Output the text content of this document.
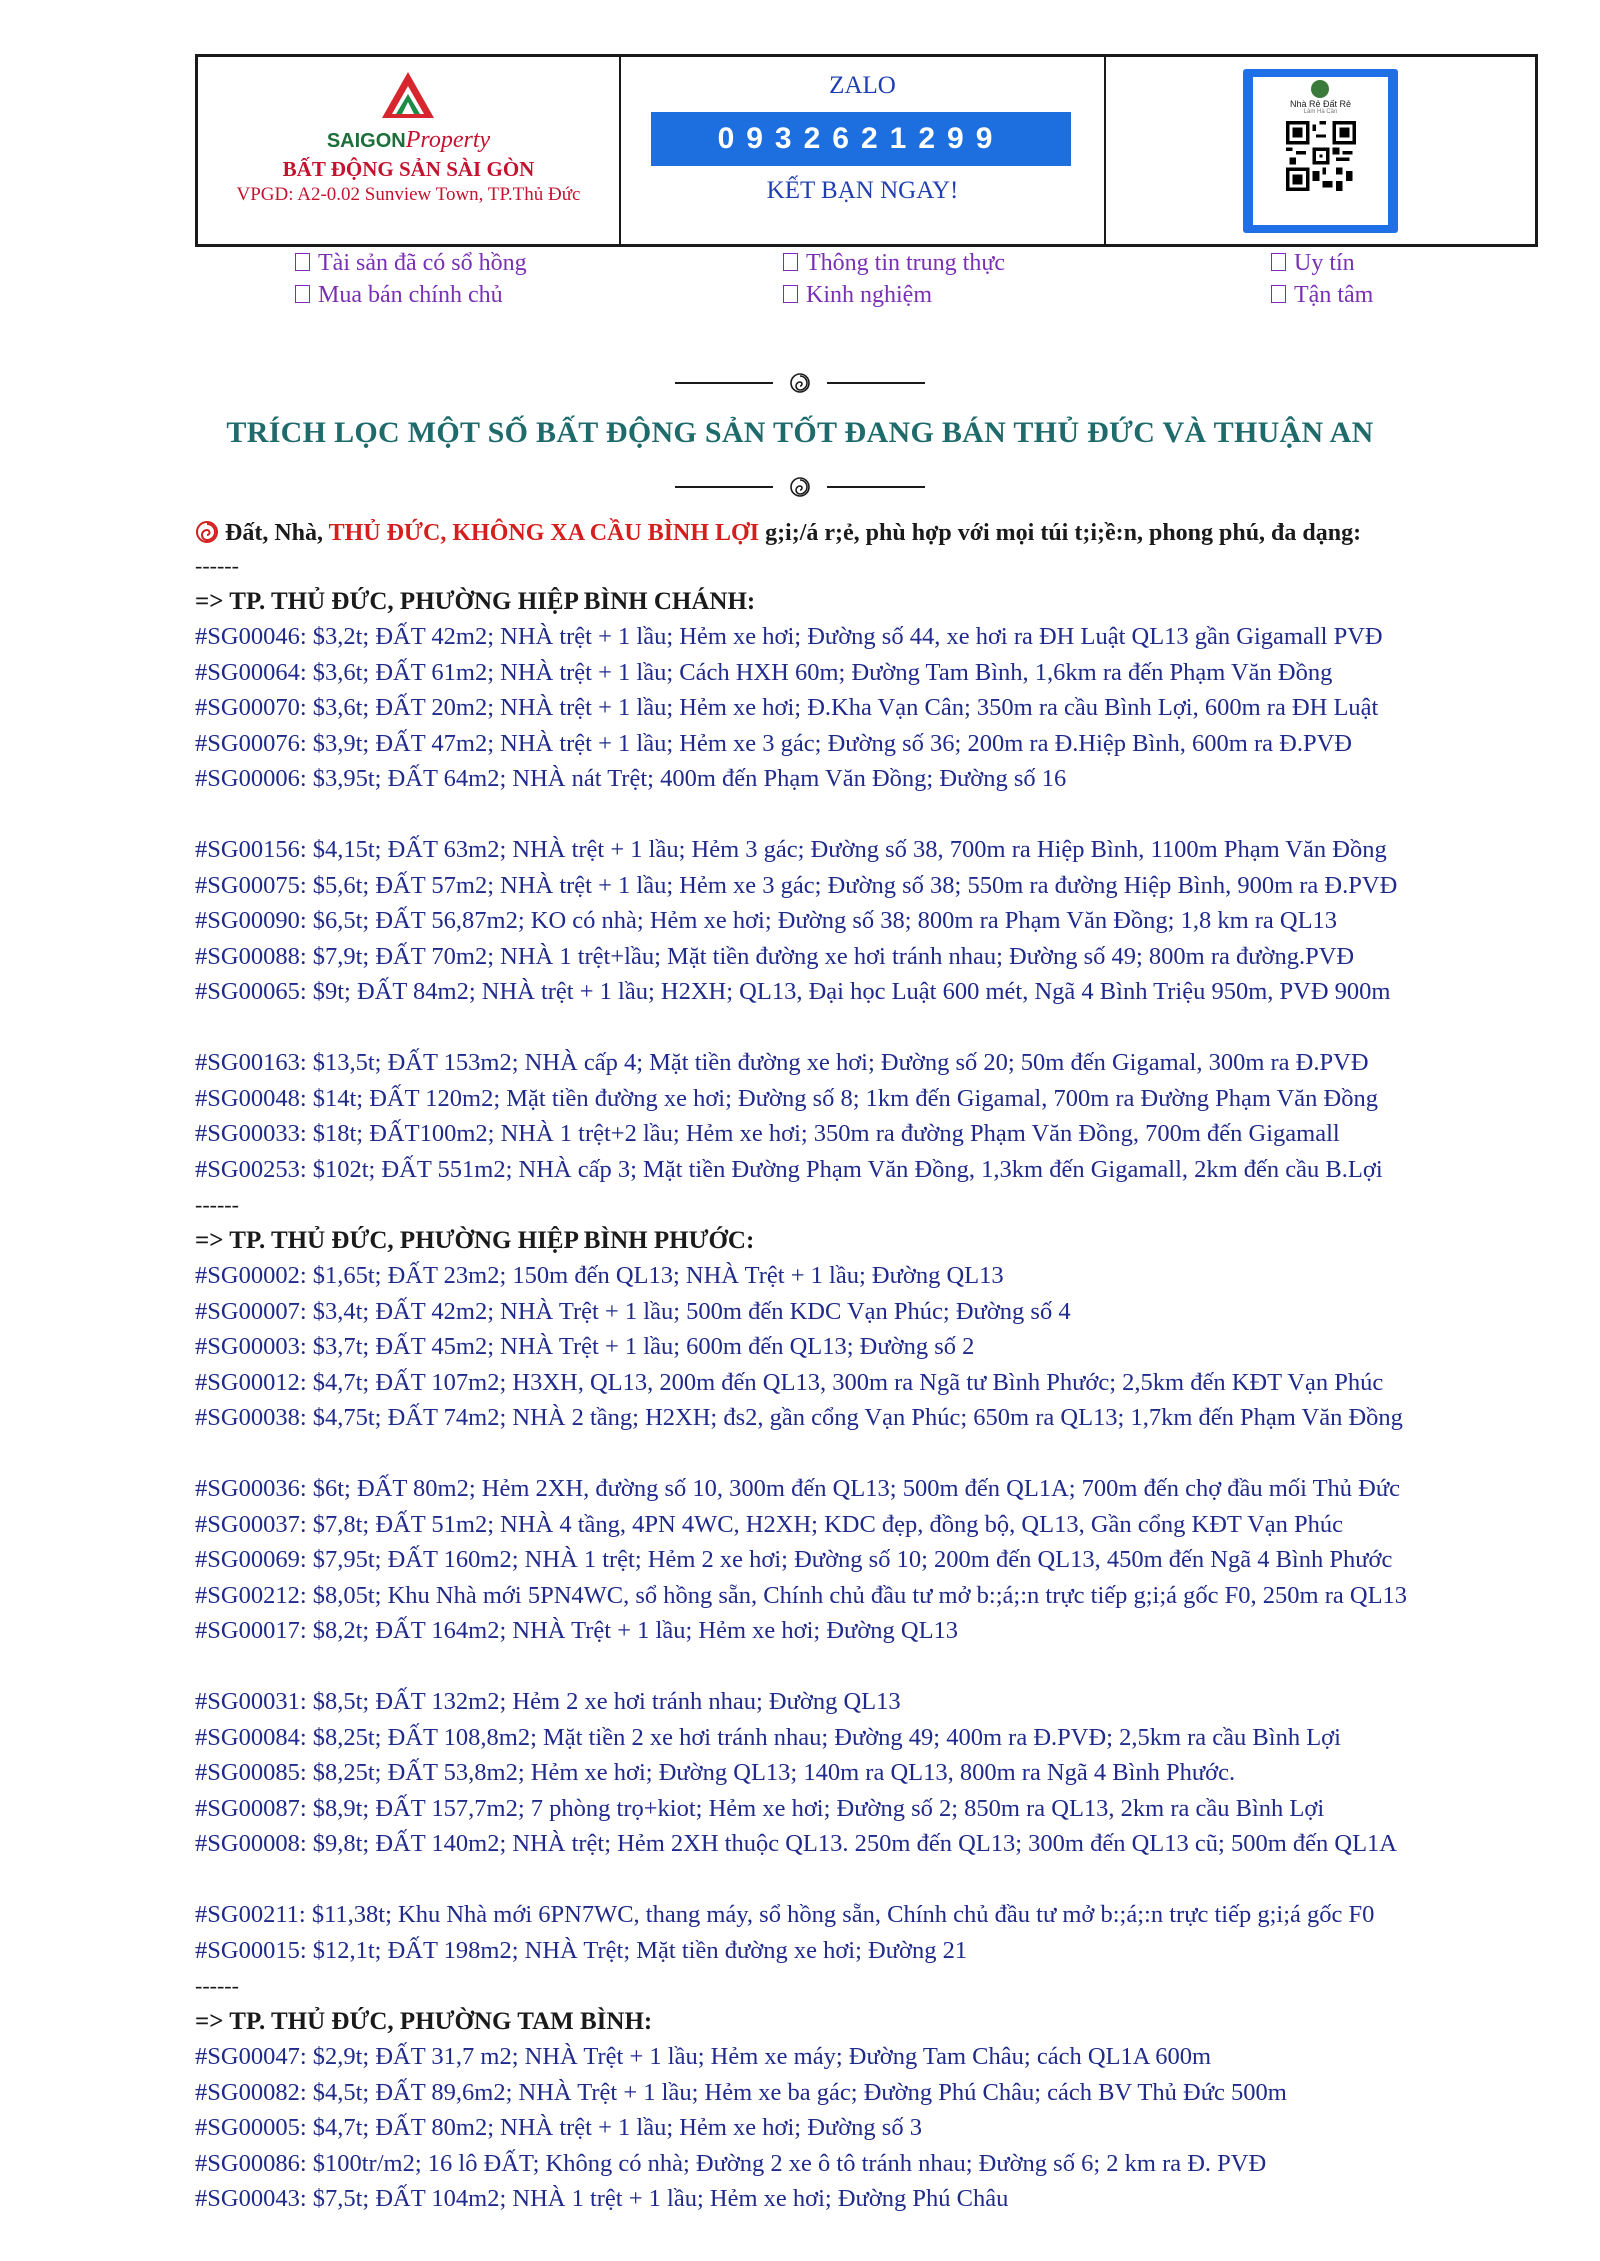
SAIGONProperty
BẤT ĐỘNG SẢN SÀI GÒN
VPGD: A2-0.02 Sunview Town, TP.Thủ Đức
ZALO
0932621299
KẾT BẠN NGAY!
Nhà Rẻ Đất Rẻ
Lâm Hà Cần
Tài sản đã có sổ hồng	Thông tin trung thực	Uy tín
Mua bán chính chủ	Kinh nghiệm	Tận tâm

TRÍCH LỌC MỘT SỐ BẤT ĐỘNG SẢN TỐT ĐANG BÁN THỦ ĐỨC VÀ THUẬN AN

Đất, Nhà, THỦ ĐỨC, KHÔNG XA CẦU BÌNH LỢI g;i;/á r;ẻ, phù hợp với mọi túi t;i;ề:n, phong phú, đa dạng:
------
=> TP. THỦ ĐỨC, PHƯỜNG HIỆP BÌNH CHÁNH:
#SG00046: $3,2t; ĐẤT 42m2; NHÀ trệt + 1 lầu; Hẻm xe hơi; Đường số 44, xe hơi ra ĐH Luật QL13 gần Gigamall PVĐ
#SG00064: $3,6t; ĐẤT 61m2; NHÀ trệt + 1 lầu; Cách HXH 60m; Đường Tam Bình, 1,6km ra đến Phạm Văn Đồng
#SG00070: $3,6t; ĐẤT 20m2; NHÀ trệt + 1 lầu; Hẻm xe hơi; Đ.Kha Vạn Cân; 350m ra cầu Bình Lợi, 600m ra ĐH Luật
#SG00076: $3,9t; ĐẤT 47m2; NHÀ trệt + 1 lầu; Hẻm xe 3 gác; Đường số 36; 200m ra Đ.Hiệp Bình, 600m ra Đ.PVĐ
#SG00006: $3,95t; ĐẤT 64m2; NHÀ nát Trệt; 400m đến Phạm Văn Đồng; Đường số 16
#SG00156: $4,15t; ĐẤT 63m2; NHÀ trệt + 1 lầu; Hẻm 3 gác; Đường số 38, 700m ra Hiệp Bình, 1100m Phạm Văn Đồng
#SG00075: $5,6t; ĐẤT 57m2; NHÀ trệt + 1 lầu; Hẻm xe 3 gác; Đường số 38; 550m ra đường Hiệp Bình, 900m ra Đ.PVĐ
#SG00090: $6,5t; ĐẤT 56,87m2; KO có nhà; Hẻm xe hơi; Đường số 38; 800m ra Phạm Văn Đồng; 1,8 km ra QL13
#SG00088: $7,9t; ĐẤT 70m2; NHÀ 1 trệt+lầu; Mặt tiền đường xe hơi tránh nhau; Đường số 49; 800m ra đường.PVĐ
#SG00065: $9t; ĐẤT 84m2; NHÀ trệt + 1 lầu; H2XH; QL13, Đại học Luật 600 mét, Ngã 4 Bình Triệu 950m, PVĐ 900m
#SG00163: $13,5t; ĐẤT 153m2; NHÀ cấp 4; Mặt tiền đường xe hơi; Đường số 20; 50m đến Gigamal, 300m ra Đ.PVĐ
#SG00048: $14t; ĐẤT 120m2; Mặt tiền đường xe hơi; Đường số 8; 1km đến Gigamal, 700m ra Đường Phạm Văn Đồng
#SG00033: $18t; ĐẤT100m2; NHÀ 1 trệt+2 lầu; Hẻm xe hơi; 350m ra đường Phạm Văn Đồng, 700m đến Gigamall
#SG00253: $102t; ĐẤT 551m2; NHÀ cấp 3; Mặt tiền Đường Phạm Văn Đồng, 1,3km đến Gigamall, 2km đến cầu B.Lợi
------
=> TP. THỦ ĐỨC, PHƯỜNG HIỆP BÌNH PHƯỚC:
#SG00002: $1,65t; ĐẤT 23m2; 150m đến QL13; NHÀ Trệt + 1 lầu; Đường QL13
#SG00007: $3,4t; ĐẤT 42m2; NHÀ Trệt + 1 lầu; 500m đến KDC Vạn Phúc; Đường số 4
#SG00003: $3,7t; ĐẤT 45m2; NHÀ Trệt + 1 lầu; 600m đến QL13; Đường số 2
#SG00012: $4,7t; ĐẤT 107m2; H3XH, QL13, 200m đến QL13, 300m ra Ngã tư Bình Phước; 2,5km đến KĐT Vạn Phúc
#SG00038: $4,75t; ĐẤT 74m2; NHÀ 2 tầng; H2XH; đs2, gần cổng Vạn Phúc; 650m ra QL13; 1,7km đến Phạm Văn Đồng
#SG00036: $6t; ĐẤT 80m2; Hẻm 2XH, đường số 10, 300m đến QL13; 500m đến QL1A; 700m đến chợ đầu mối Thủ Đức
#SG00037: $7,8t; ĐẤT 51m2; NHÀ 4 tầng, 4PN 4WC, H2XH; KDC đẹp, đồng bộ, QL13, Gần cổng KĐT Vạn Phúc
#SG00069: $7,95t; ĐẤT 160m2; NHÀ 1 trệt; Hẻm 2 xe hơi; Đường số 10; 200m đến QL13, 450m đến Ngã 4 Bình Phước
#SG00212: $8,05t; Khu Nhà mới 5PN4WC, sổ hồng sẵn, Chính chủ đầu tư mở b:;á;:n trực tiếp g;i;á gốc F0, 250m ra QL13
#SG00017: $8,2t; ĐẤT 164m2; NHÀ Trệt + 1 lầu; Hẻm xe hơi; Đường QL13
#SG00031: $8,5t; ĐẤT 132m2; Hẻm 2 xe hơi tránh nhau; Đường QL13
#SG00084: $8,25t; ĐẤT 108,8m2; Mặt tiền 2 xe hơi tránh nhau; Đường 49; 400m ra Đ.PVĐ; 2,5km ra cầu Bình Lợi
#SG00085: $8,25t; ĐẤT 53,8m2; Hẻm xe hơi; Đường QL13; 140m ra QL13, 800m ra Ngã 4 Bình Phước.
#SG00087: $8,9t; ĐẤT 157,7m2; 7 phòng trọ+kiot; Hẻm xe hơi; Đường số 2; 850m ra QL13, 2km ra cầu Bình Lợi
#SG00008: $9,8t; ĐẤT 140m2; NHÀ trệt; Hẻm 2XH thuộc QL13. 250m đến QL13; 300m đến QL13 cũ; 500m đến QL1A
#SG00211: $11,38t; Khu Nhà mới 6PN7WC, thang máy, sổ hồng sẵn, Chính chủ đầu tư mở b:;á;:n trực tiếp g;i;á gốc F0
#SG00015: $12,1t; ĐẤT 198m2; NHÀ Trệt; Mặt tiền đường xe hơi; Đường 21
------
=> TP. THỦ ĐỨC, PHƯỜNG TAM BÌNH:
#SG00047: $2,9t; ĐẤT 31,7 m2; NHÀ Trệt + 1 lầu; Hẻm xe máy; Đường Tam Châu; cách QL1A 600m
#SG00082: $4,5t; ĐẤT 89,6m2; NHÀ Trệt + 1 lầu; Hẻm xe ba gác; Đường Phú Châu; cách BV Thủ Đức 500m
#SG00005: $4,7t; ĐẤT 80m2; NHÀ trệt + 1 lầu; Hẻm xe hơi; Đường số 3
#SG00086: $100tr/m2; 16 lô ĐẤT; Không có nhà; Đường 2 xe ô tô tránh nhau; Đường số 6; 2 km ra Đ. PVĐ
#SG00043: $7,5t; ĐẤT 104m2; NHÀ 1 trệt + 1 lầu; Hẻm xe hơi; Đường Phú Châu
